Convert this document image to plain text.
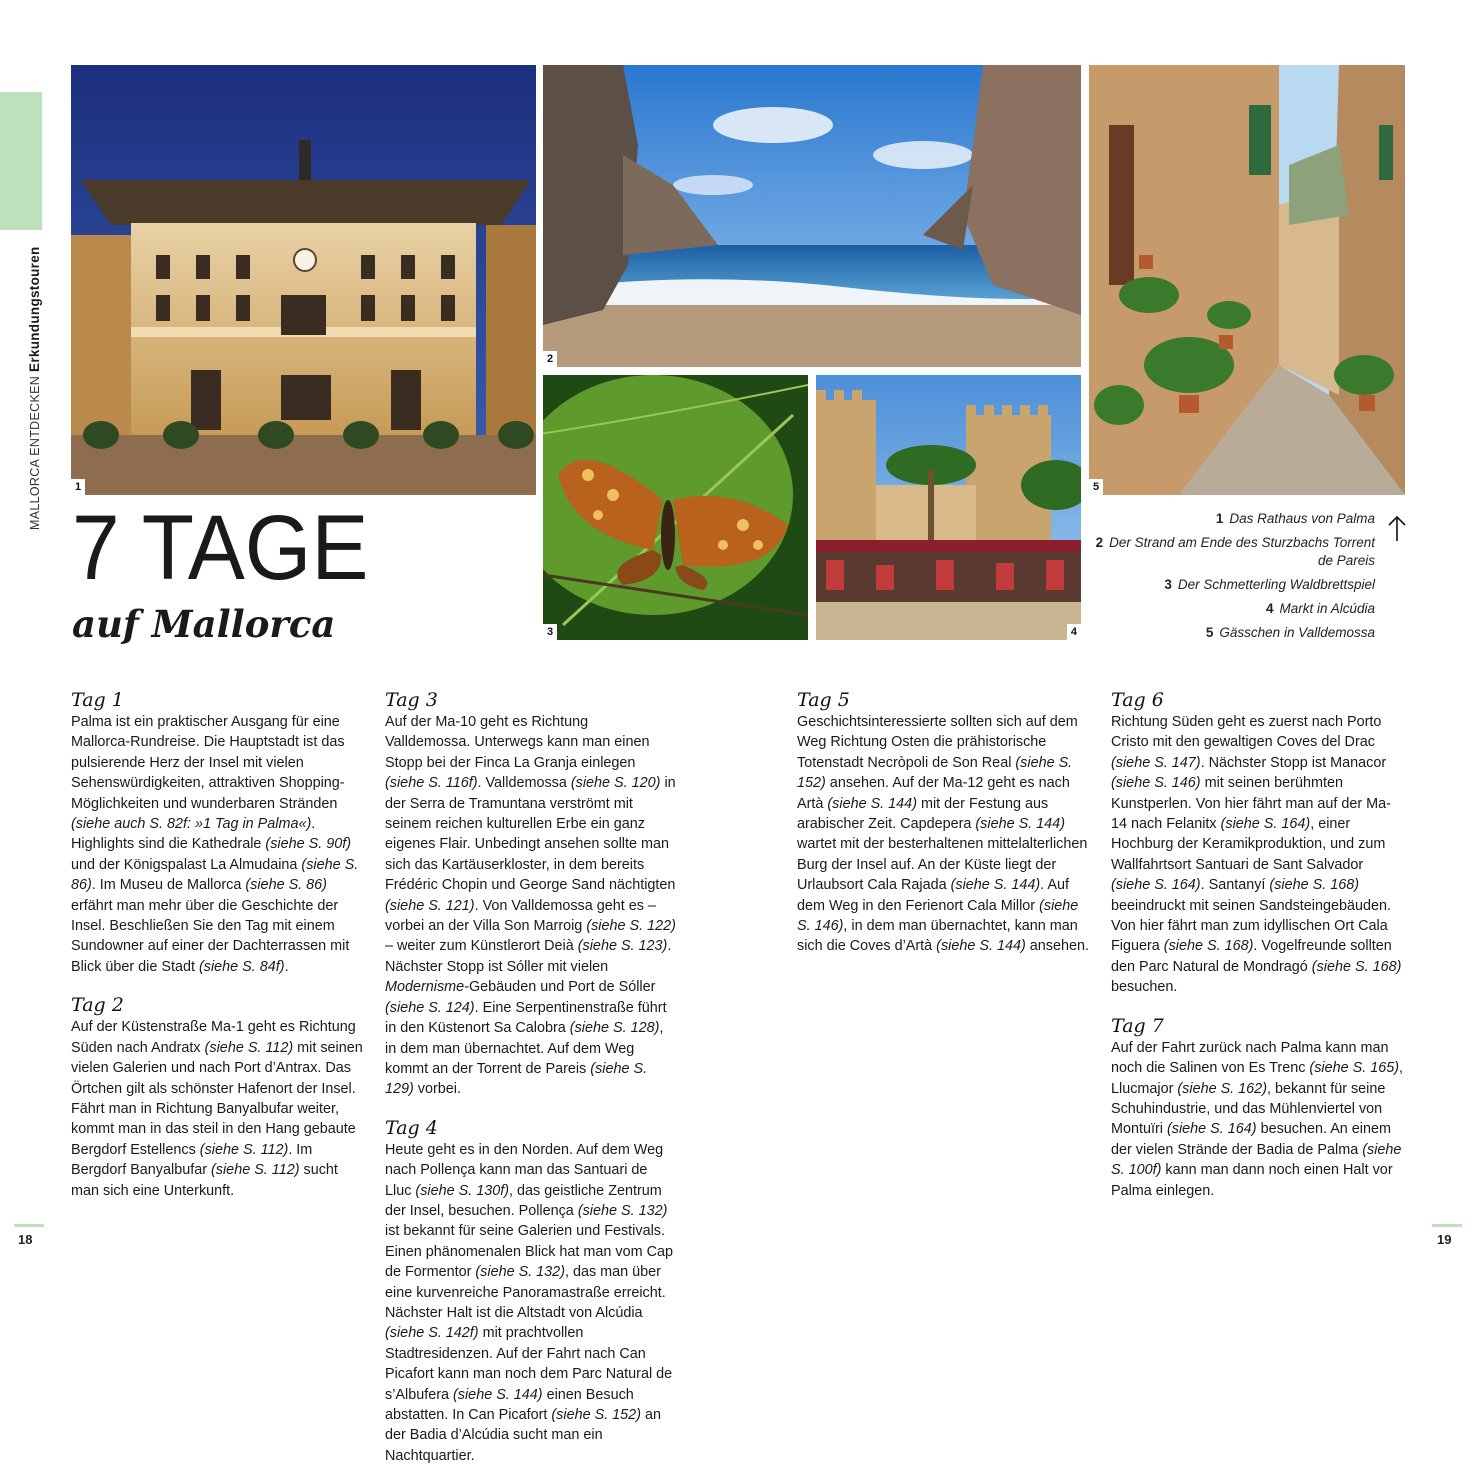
MALLORCA ENTDECKENErkundungstouren
1
2
3	4
5
7 TAGE
auf Mallorca
1 Das Rathaus von Palma
2 Der Strand am Ende des Sturzbachs Torrent de Pareis
3 Der Schmetterling Waldbrettspiel
4 Markt in Alcúdia
5 Gässchen in Valldemossa
Tag 1
Palma ist ein praktischer Ausgang für eine Mallorca-Rundreise. Die Hauptstadt ist das pulsierende Herz der Insel mit vielen Sehenswürdigkeiten, attraktiven Shopping-Möglichkeiten und wunderbaren Stränden (siehe auch S. 82f: »1 Tag in Palma«). Highlights sind die Kathedrale (siehe S. 90f) und der Königspalast La Almudaina (siehe S. 86). Im Museu de Mallorca (siehe S. 86) erfährt man mehr über die Geschichte der Insel. Beschließen Sie den Tag mit einem Sundowner auf einer der Dachterrassen mit Blick über die Stadt (siehe S. 84f).
Tag 2
Auf der Küstenstraße Ma-1 geht es Richtung Süden nach Andratx (siehe S. 112) mit seinen vielen Galerien und nach Port d’Antrax. Das Örtchen gilt als schönster Hafenort der Insel. Fährt man in Richtung Banyalbufar weiter, kommt man in das steil in den Hang gebaute Bergdorf Estellencs (siehe S. 112). Im Bergdorf Banyalbufar (siehe S. 112) sucht man sich eine Unterkunft.
Tag 3
Auf der Ma-10 geht es Richtung Valldemossa. Unterwegs kann man einen Stopp bei der Finca La Granja einlegen (siehe S. 116f). Valldemossa (siehe S. 120) in der Serra de Tramuntana verströmt mit seinem reichen kulturellen Erbe ein ganz eigenes Flair. Unbedingt ansehen sollte man sich das Kartäuserkloster, in dem bereits Frédéric Chopin und George Sand nächtigten (siehe S. 121). Von Valldemossa geht es – vorbei an der Villa Son Marroig (siehe S. 122) – weiter zum Künstlerort Deià (siehe S. 123). Nächster Stopp ist Sóller mit vielen Modernisme-Gebäuden und Port de Sóller (siehe S. 124). Eine Serpentinenstraße führt in den Küstenort Sa Calobra (siehe S. 128), in dem man übernachtet. Auf dem Weg kommt an der Torrent de Pareis (siehe S. 129) vorbei.
Tag 4
Heute geht es in den Norden. Auf dem Weg nach Pollença kann man das Santuari de Lluc (siehe S. 130f), das geistliche Zentrum der Insel, besuchen. Pollença (siehe S. 132) ist bekannt für seine Galerien und Festivals. Einen phänomenalen Blick hat man vom Cap de Formentor (siehe S. 132), das man über eine kurvenreiche Panoramastraße erreicht. Nächster Halt ist die Altstadt von Alcúdia (siehe S. 142f) mit prachtvollen Stadtresidenzen. Auf der Fahrt nach Can Picafort kann man noch dem Parc Natural de s’Albufera (siehe S. 144) einen Besuch abstatten. In Can Picafort (siehe S. 152) an der Badia d’Alcúdia sucht man ein Nachtquartier.
Tag 5
Geschichtsinteressierte sollten sich auf dem Weg Richtung Osten die prähistorische Totenstadt Necròpoli de Son Real (siehe S. 152) ansehen. Auf der Ma-12 geht es nach Artà (siehe S. 144) mit der Festung aus arabischer Zeit. Capdepera (siehe S. 144) wartet mit der besterhaltenen mittelalterlichen Burg der Insel auf. An der Küste liegt der Urlaubsort Cala Rajada (siehe S. 144). Auf dem Weg in den Ferienort Cala Millor (siehe S. 146), in dem man übernachtet, kann man sich die Coves d’Artà (siehe S. 144) ansehen.
Tag 6
Richtung Süden geht es zuerst nach Porto Cristo mit den gewaltigen Coves del Drac (siehe S. 147). Nächster Stopp ist Manacor (siehe S. 146) mit seinen berühmten Kunstperlen. Von hier fährt man auf der Ma-14 nach Felanitx (siehe S. 164), einer Hochburg der Keramikproduktion, und zum Wallfahrtsort Santuari de Sant Salvador (siehe S. 164). Santanyí (siehe S. 168) beeindruckt mit seinen Sandsteingebäuden. Von hier fährt man zum idyllischen Ort Cala Figuera (siehe S. 168). Vogelfreunde sollten den Parc Natural de Mondragó (siehe S. 168) besuchen.
Tag 7
Auf der Fahrt zurück nach Palma kann man noch die Salinen von Es Trenc (siehe S. 165), Llucmajor (siehe S. 162), bekannt für seine Schuhindustrie, und das Mühlenviertel von Montuïri (siehe S. 164) besuchen. An einem der vielen Strände der Badia de Palma (siehe S. 100f) kann man dann noch einen Halt vor Palma einlegen.
18	19
